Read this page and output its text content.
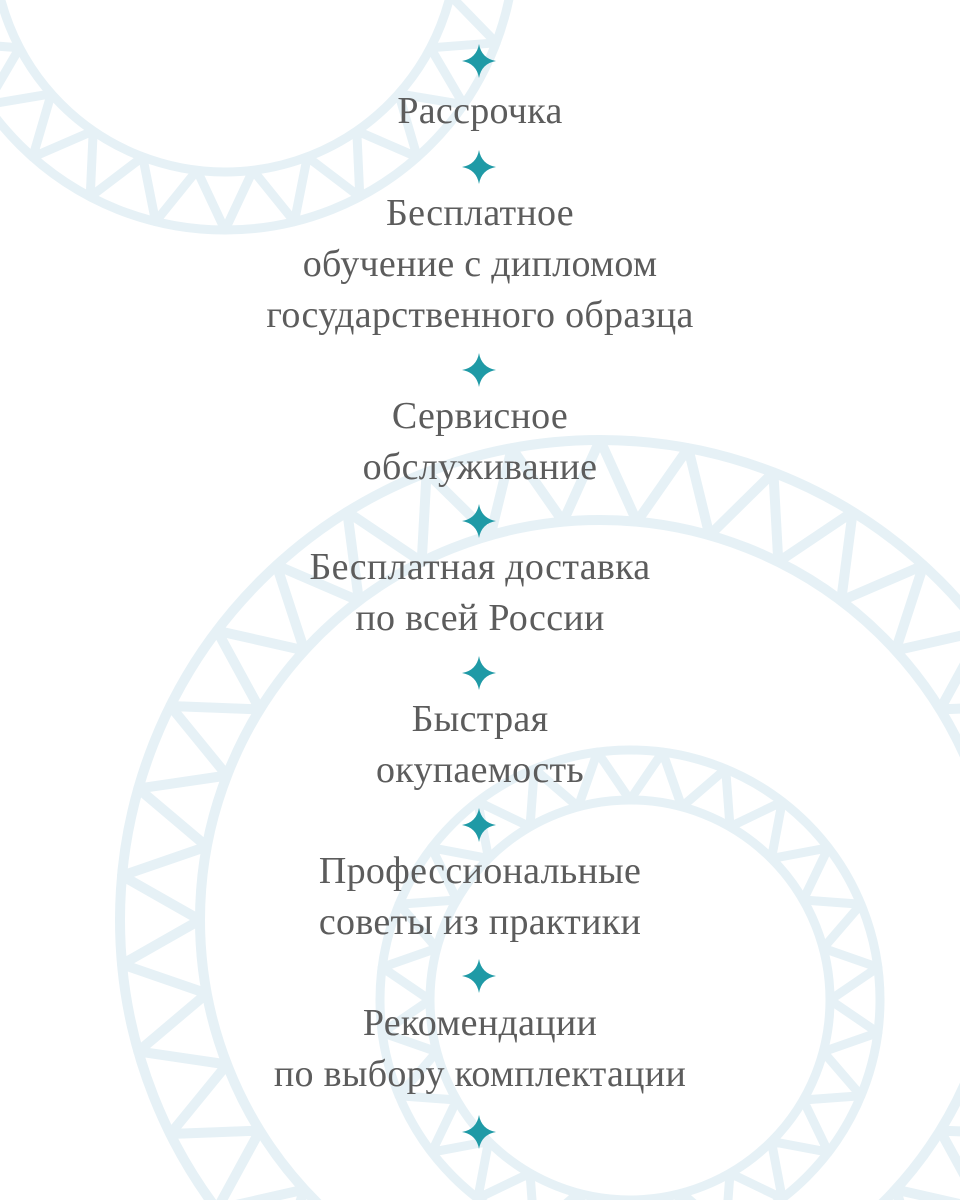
Рассрочка
Бесплатное
обучение с дипломом
государственного образца
Сервисное
обслуживание
Бесплатная доставка
по всей России
Быстрая
окупаемость
Профессиональные
советы из практики
Рекомендации
по выбору комплектации
